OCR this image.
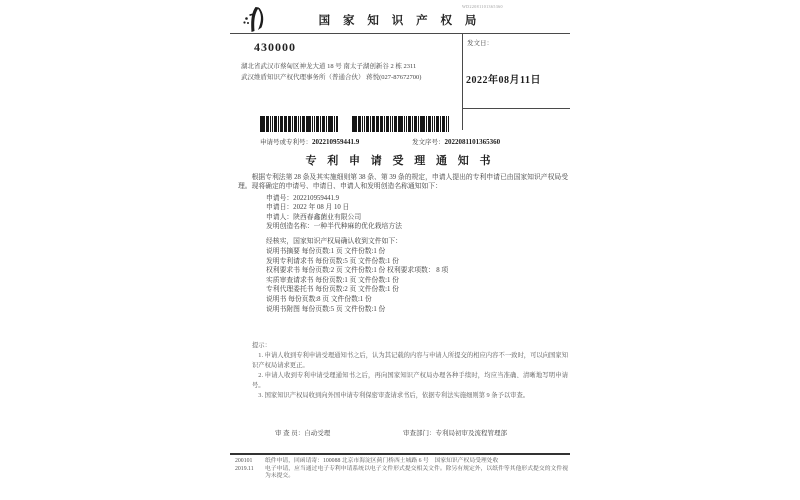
WD22081101365360
国 家 知 识 产 权 局
430000
湖北省武汉市蔡甸区神龙大道 18 号 南太子湖创新谷 2 栋 2311
武汉维盾知识产权代理事务所（普通合伙） 蒋悦(027-87672700)
发文日：
2022年08月11日
申请号或专利号：202210959441.9	发文序号：2022081101365360
专 利 申 请 受 理 通 知 书
根据专利法第 28 条及其实施细则第 38 条、第 39 条的规定，申请人提出的专利申请已由国家知识产权局受理。现将确定的申请号、申请日、申请人和发明创造名称通知如下：
申请号：202210959441.9
申请日：2022 年 08 月 10 日
申请人：陕西春鑫菌业有限公司
发明创造名称：一种半代种麻的优化栽培方法
经核实，国家知识产权局确认收到文件如下：
说明书摘要 每份页数:1 页 文件份数:1 份
发明专利请求书 每份页数:5 页 文件份数:1 份
权利要求书 每份页数:2 页 文件份数:1 份 权利要求项数： 8 项
实质审查请求书 每份页数:1 页 文件份数:1 份
专利代理委托书 每份页数:2 页 文件份数:1 份
说明书 每份页数:8 页 文件份数:1 份
说明书附图 每份页数:5 页 文件份数:1 份
提示：
1. 申请人收到专利申请受理通知书之后，认为其记载的内容与申请人所提交的相应内容不一致时，可以向国家知识产权局请求更正。
2. 申请人收到专利申请受理通知书之后，再向国家知识产权局办理各种手续时，均应当准确、清晰地写明申请号。
3. 国家知识产权局收到向外国申请专利保密审查请求书后，依据专利法实施细则第 9 条予以审查。
审 查 员：自动受理	审查部门：专利局初审及流程管理部
200101	纸件申请，回函请寄：100088 北京市海淀区蓟门桥西土城路 6 号　国家知识产权局受理处收
2019.11	电子申请，应当通过电子专利申请系统以电子文件形式提交相关文件。除另有规定外，以纸件等其他形式提交的文件视为未提交。
